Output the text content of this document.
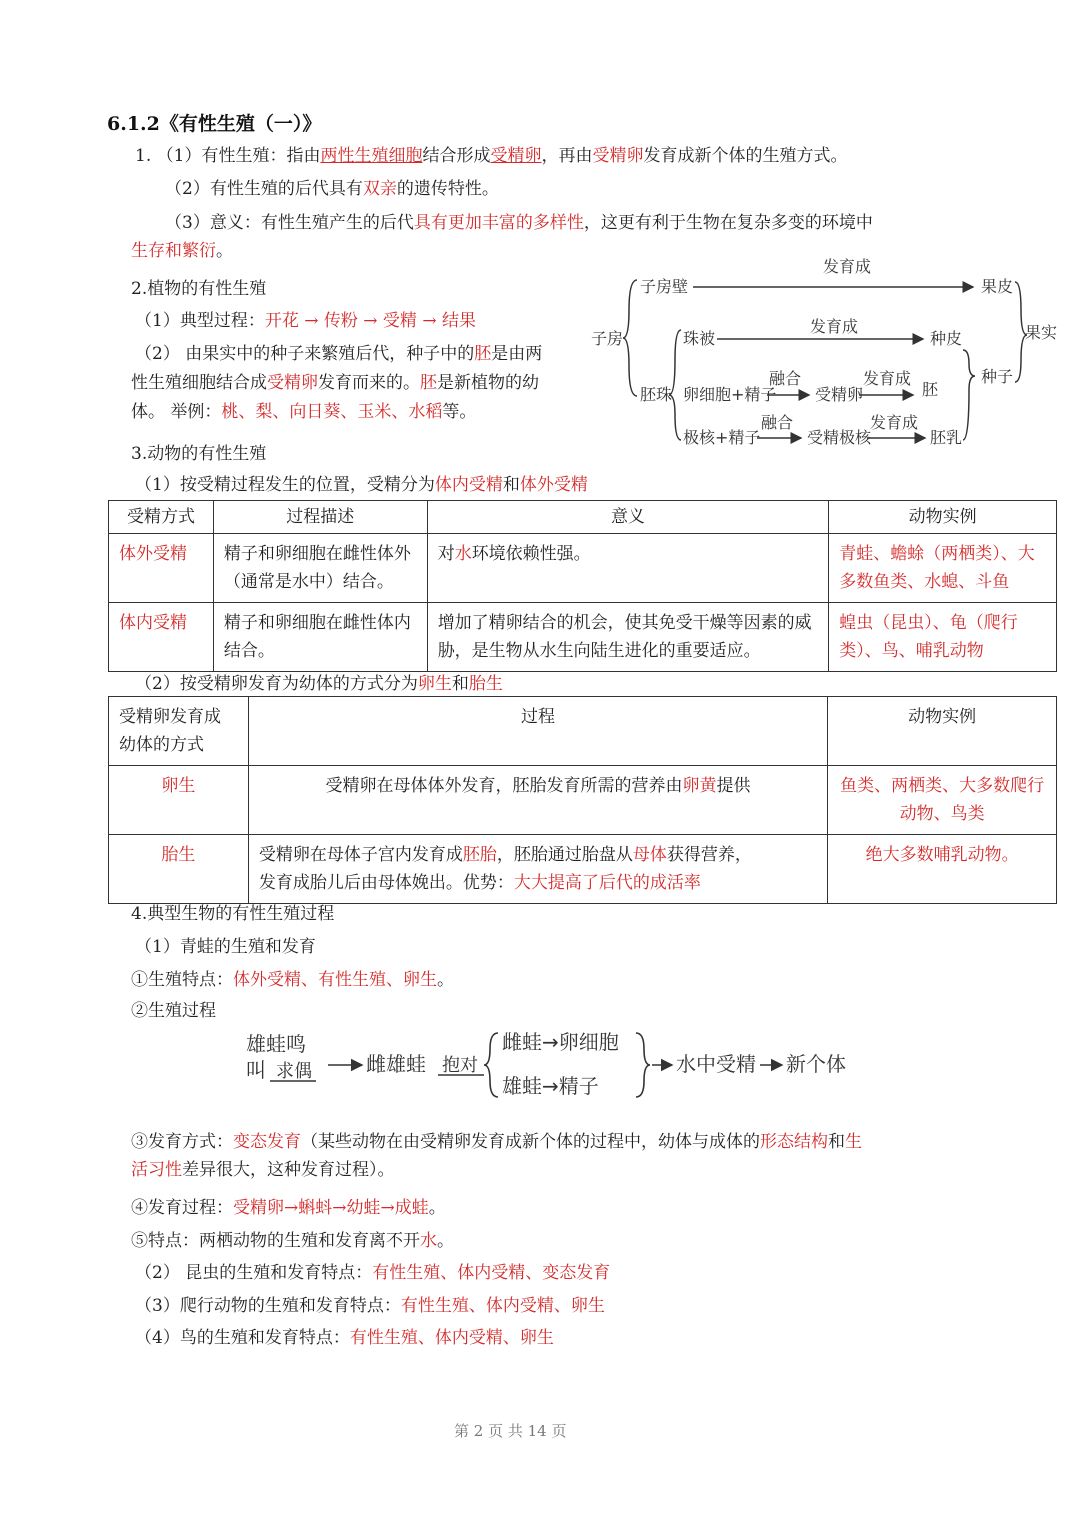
6.1.2《有性生殖（一）》
1. （1）有性生殖：指由两性生殖细胞结合形成受精卵，再由受精卵发育成新个体的生殖方式。
（2）有性生殖的后代具有双亲的遗传特性。
（3）意义：有性生殖产生的后代具有更加丰富的多样性，这更有利于生物在复杂多变的环境中
生存和繁衍。
2.植物的有性生殖
（1）典型过程：开花 → 传粉 → 受精 → 结果
（2） 由果实中的种子来繁殖后代，种子中的胚是由两
性生殖细胞结合成受精卵发育而来的。胚是新植物的幼
体。 举例：桃、梨、向日葵、玉米、水稻等。
子房壁
发育成
果皮
子房	珠被
发育成
种皮	果实
胚珠 卵细胞+精子
融合
受精卵
发育成
胚
种子
极核+精子
融合
受精极核
发育成
胚乳
3.动物的有性生殖
（1）按受精过程发生的位置，受精分为体内受精和体外受精
受精方式	过程描述	意义	动物实例
体外受精	精子和卵细胞在雌性体外（通常是水中）结合。	对水环境依赖性强。	青蛙、蟾蜍（两栖类）、大多数鱼类、水螅、斗鱼
体内受精	精子和卵细胞在雌性体内结合。	增加了精卵结合的机会，使其免受干燥等因素的威胁，是生物从水生向陆生进化的重要适应。	蝗虫（昆虫）、龟（爬行类）、鸟、哺乳动物
（2）按受精卵发育为幼体的方式分为卵生和胎生
受精卵发育成幼体的方式	过程	动物实例
卵生	受精卵在母体体外发育，胚胎发育所需的营养由卵黄提供	鱼类、两栖类、大多数爬行动物、鸟类
胎生	受精卵在母体子宫内发育成胚胎，胚胎通过胎盘从母体获得营养，
发育成胎儿后由母体娩出。优势：大大提高了后代的成活率	绝大多数哺乳动物。
4.典型生物的有性生殖过程
（1）青蛙的生殖和发育
①生殖特点：体外受精、有性生殖、卵生。
②生殖过程
雄蛙鸣
叫 求偶	雌雄蛙 抱对
雌蛙→卵细胞
雄蛙→精子
水中受精 新个体
③发育方式：变态发育（某些动物在由受精卵发育成新个体的过程中，幼体与成体的形态结构和生
活习性差异很大，这种发育过程）。
④发育过程：受精卵→蝌蚪→幼蛙→成蛙。
⑤特点：两栖动物的生殖和发育离不开水。
（2） 昆虫的生殖和发育特点：有性生殖、体内受精、变态发育
（3）爬行动物的生殖和发育特点：有性生殖、体内受精、卵生
（4）鸟的生殖和发育特点：有性生殖、体内受精、卵生
第 2 页 共 14 页
